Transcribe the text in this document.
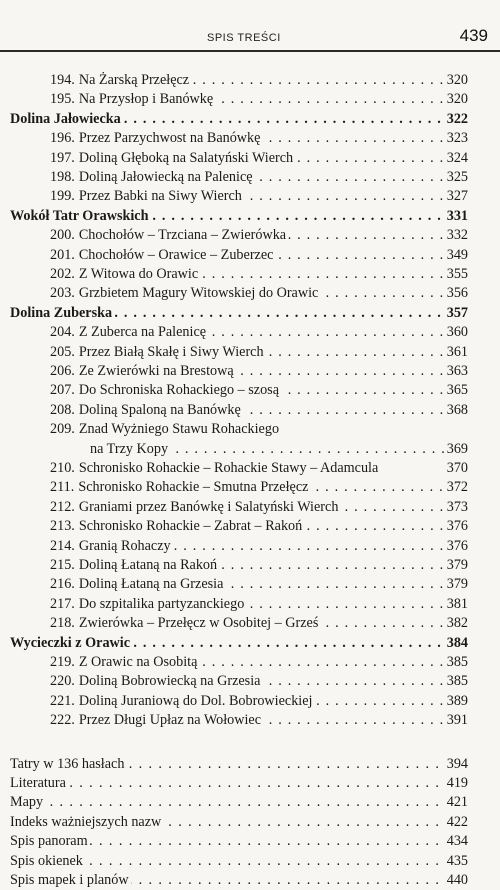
SPIS TREŚCI	439
194. Na Żarską Przełęcz . . .	320
195. Na Przysłop i Banówkę . . .	320
Dolina Jałowiecka . . .	322
196. Przez Parzychwost na Banówkę . . .	323
197. Doliną Głęboką na Salatyński Wierch . . .	324
198. Doliną Jałowiecką na Palenicę . . .	325
199. Przez Babki na Siwy Wierch . . .	327
Wokół Tatr Orawskich . . .	331
200. Chochołów – Trzciana – Zwierówka . . .	332
201. Chochołów – Orawice – Zuberzec . . .	349
202. Z Witowa do Orawic . . .	355
203. Grzbietem Magury Witowskiej do Orawic . . .	356
Dolina Zuberska . . .	357
204. Z Zuberca na Palenicę . . .	360
205. Przez Białą Skałę i Siwy Wierch . . .	361
206. Ze Zwierówki na Brestową . . .	363
207. Do Schroniska Rohackiego – szosą . . .	365
208. Doliną Spaloną na Banówkę . . .	368
209. Znad Wyżniego Stawu Rohackiego
na Trzy Kopy . . .	369
210. Schronisko Rohackie – Rohackie Stawy – Adamcula	370
211. Schronisko Rohackie – Smutna Przełęcz . . .	372
212. Graniami przez Banówkę i Salatyński Wierch . . .	373
213. Schronisko Rohackie – Zabrat – Rakoń . . .	376
214. Granią Rohaczy . . .	376
215. Doliną Łataną na Rakoń . . .	379
216. Doliną Łataną na Grzesia . . .	379
217. Do szpitalika partyzanckiego . . .	381
218. Zwierówka – Przełęcz w Osobitej – Grześ . . .	382
Wycieczki z Orawic . . .	384
219. Z Orawic na Osobitą . . .	385
220. Doliną Bobrowiecką na Grzesia . . .	385
221. Doliną Juraniową do Dol. Bobrowieckiej . . .	389
222. Przez Długi Upłaz na Wołowiec . . .	391
Tatry w 136 hasłach . . .	394
Literatura . . .	419
Mapy . . .	421
Indeks ważniejszych nazw . . .	422
Spis panoram . . .	434
Spis okienek . . .	435
Spis mapek i planów . . .	440
